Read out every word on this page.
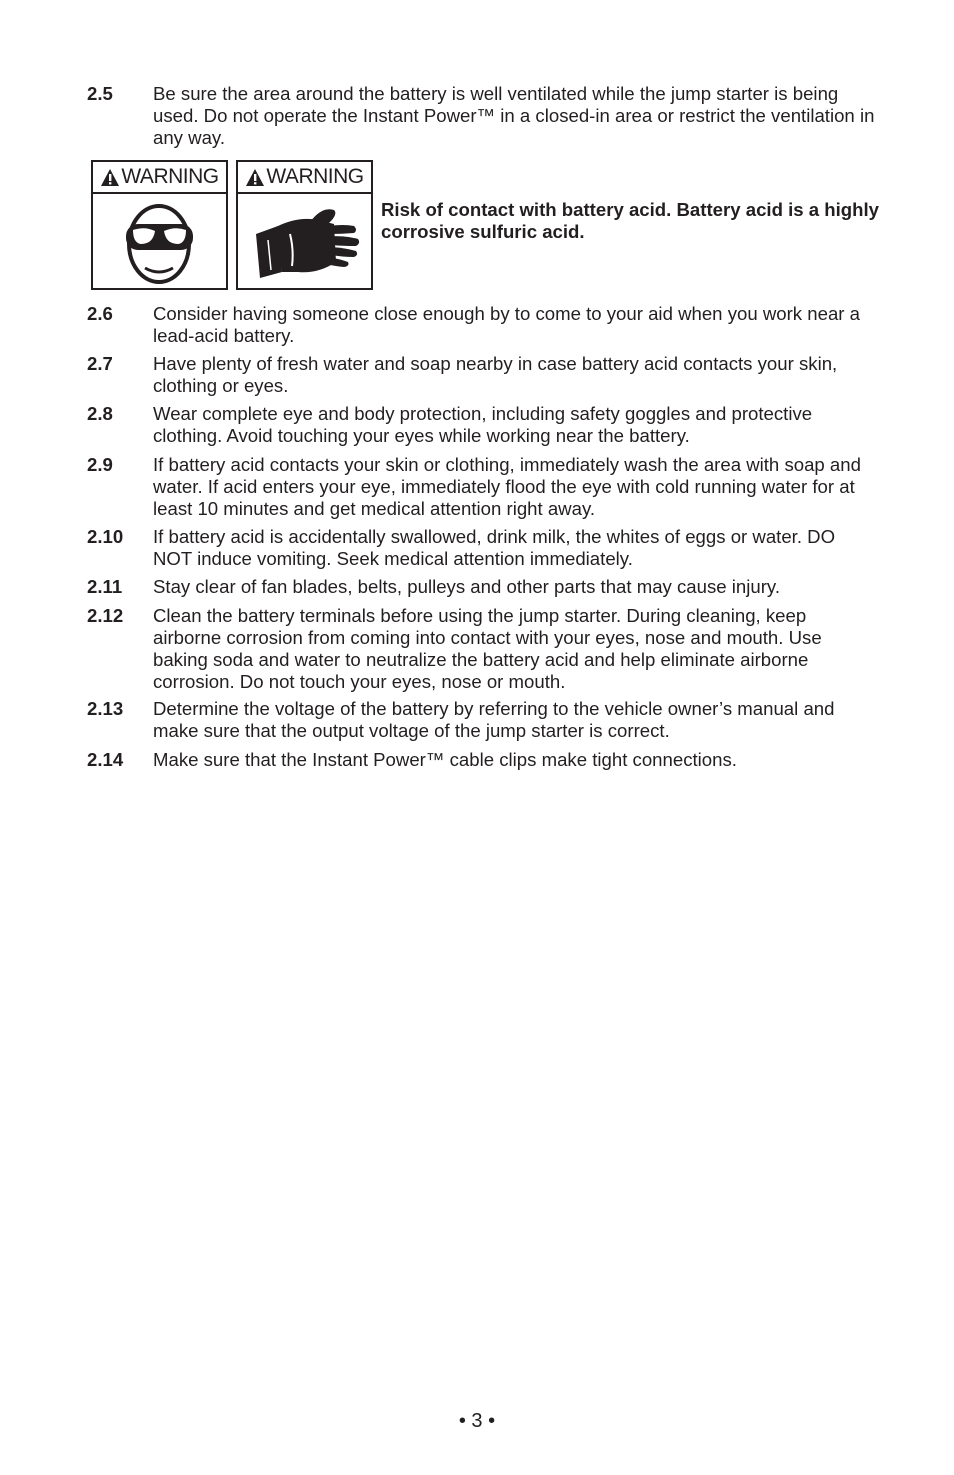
2.5 Be sure the area around the battery is well ventilated while the jump starter is being used. Do not operate the Instant Power™ in a closed-in area or restrict the ventilation in any way.
WARNING WARNING
Risk of contact with battery acid. Battery acid is a highly corrosive sulfuric acid.
2.6 Consider having someone close enough by to come to your aid when you work near a lead-acid battery.
2.7 Have plenty of fresh water and soap nearby in case battery acid contacts your skin, clothing or eyes.
2.8 Wear complete eye and body protection, including safety goggles and protective clothing. Avoid touching your eyes while working near the battery.
2.9 If battery acid contacts your skin or clothing, immediately wash the area with soap and water. If acid enters your eye, immediately flood the eye with cold running water for at least 10 minutes and get medical attention right away.
2.10 If battery acid is accidentally swallowed, drink milk, the whites of eggs or water. DO NOT induce vomiting. Seek medical attention immediately.
2.11 Stay clear of fan blades, belts, pulleys and other parts that may cause injury.
2.12 Clean the battery terminals before using the jump starter. During cleaning, keep airborne corrosion from coming into contact with your eyes, nose and mouth. Use baking soda and water to neutralize the battery acid and help eliminate airborne corrosion. Do not touch your eyes, nose or mouth.
2.13 Determine the voltage of the battery by referring to the vehicle owner’s manual and make sure that the output voltage of the jump starter is correct.
2.14 Make sure that the Instant Power™ cable clips make tight connections.
• 3 •
